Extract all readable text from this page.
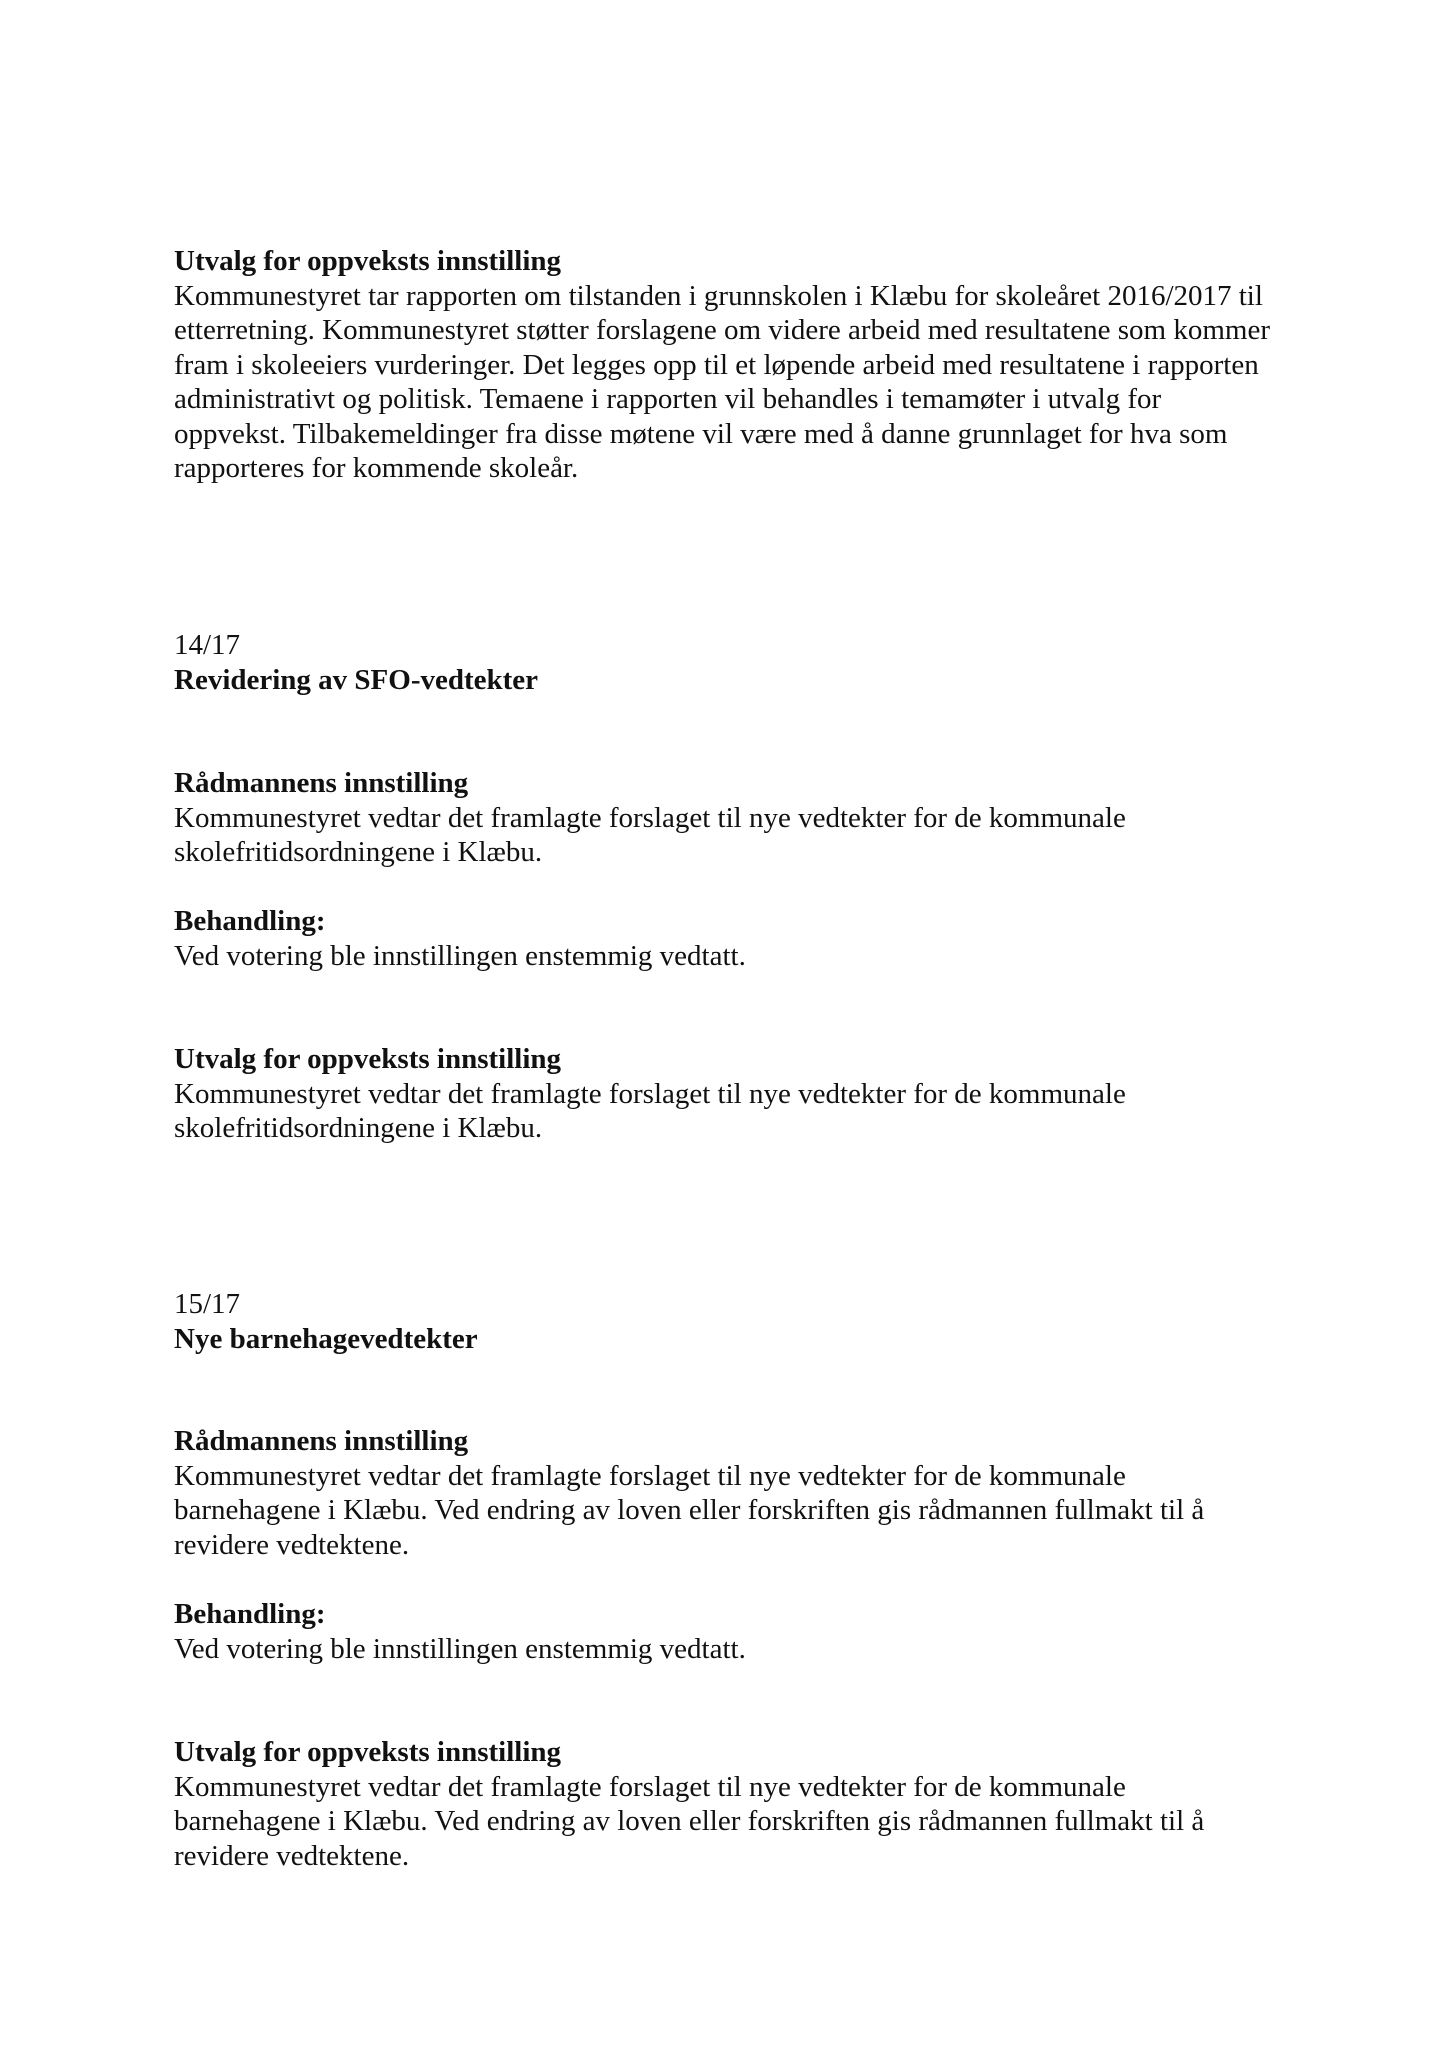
Utvalg for oppveksts innstilling

Kommunestyret tar rapporten om tilstanden i grunnskolen i Klæbu for skoleåret 2016/2017 til
etterretning. Kommunestyret støtter forslagene om videre arbeid med resultatene som kommer
fram i skoleeiers vurderinger. Det legges opp til et løpende arbeid med resultatene i rapporten
administrativt og politisk. Temaene i rapporten vil behandles i temamøter i utvalg for
oppvekst. Tilbakemeldinger fra disse møtene vil være med å danne grunnlaget for hva som
rapporteres for kommende skoleår.

14/17

Revidering av SFO-vedtekter

Rådmannens innstilling

Kommunestyret vedtar det framlagte forslaget til nye vedtekter for de kommunale
skolefritidsordningene i Klæbu.

Behandling:

Ved votering ble innstillingen enstemmig vedtatt.

Utvalg for oppveksts innstilling

Kommunestyret vedtar det framlagte forslaget til nye vedtekter for de kommunale
skolefritidsordningene i Klæbu.

15/17

Nye barnehagevedtekter

Rådmannens innstilling

Kommunestyret vedtar det framlagte forslaget til nye vedtekter for de kommunale
barnehagene i Klæbu. Ved endring av loven eller forskriften gis rådmannen fullmakt til å
revidere vedtektene.

Behandling:

Ved votering ble innstillingen enstemmig vedtatt.

Utvalg for oppveksts innstilling

Kommunestyret vedtar det framlagte forslaget til nye vedtekter for de kommunale
barnehagene i Klæbu. Ved endring av loven eller forskriften gis rådmannen fullmakt til å
revidere vedtektene.
